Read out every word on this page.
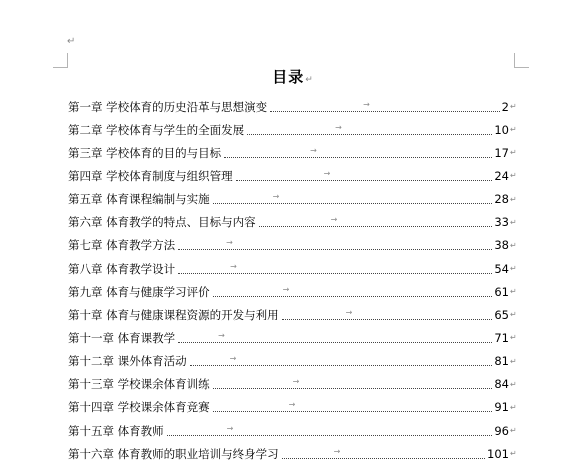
↵
目录↵
第一章 学校体育的历史沿革与思想演变	→	2 ↵
第二章 学校体育与学生的全面发展	→	10 ↵
第三章 学校体育的目的与目标	→	17 ↵
第四章 学校体育制度与组织管理	→	24 ↵
第五章 体育课程编制与实施	→	28 ↵
第六章 体育教学的特点、目标与内容	→	33 ↵
第七章 体育教学方法	→	38 ↵
第八章 体育教学设计	→	54 ↵
第九章 体育与健康学习评价	→	61 ↵
第十章 体育与健康课程资源的开发与利用	→	65 ↵
第十一章 体育课教学	→	71 ↵
第十二章 课外体育活动	→	81 ↵
第十三章 学校课余体育训练	→	84 ↵
第十四章 学校课余体育竞赛	→	91 ↵
第十五章 体育教师	→	96 ↵
第十六章 体育教师的职业培训与终身学习	→	101 ↵
